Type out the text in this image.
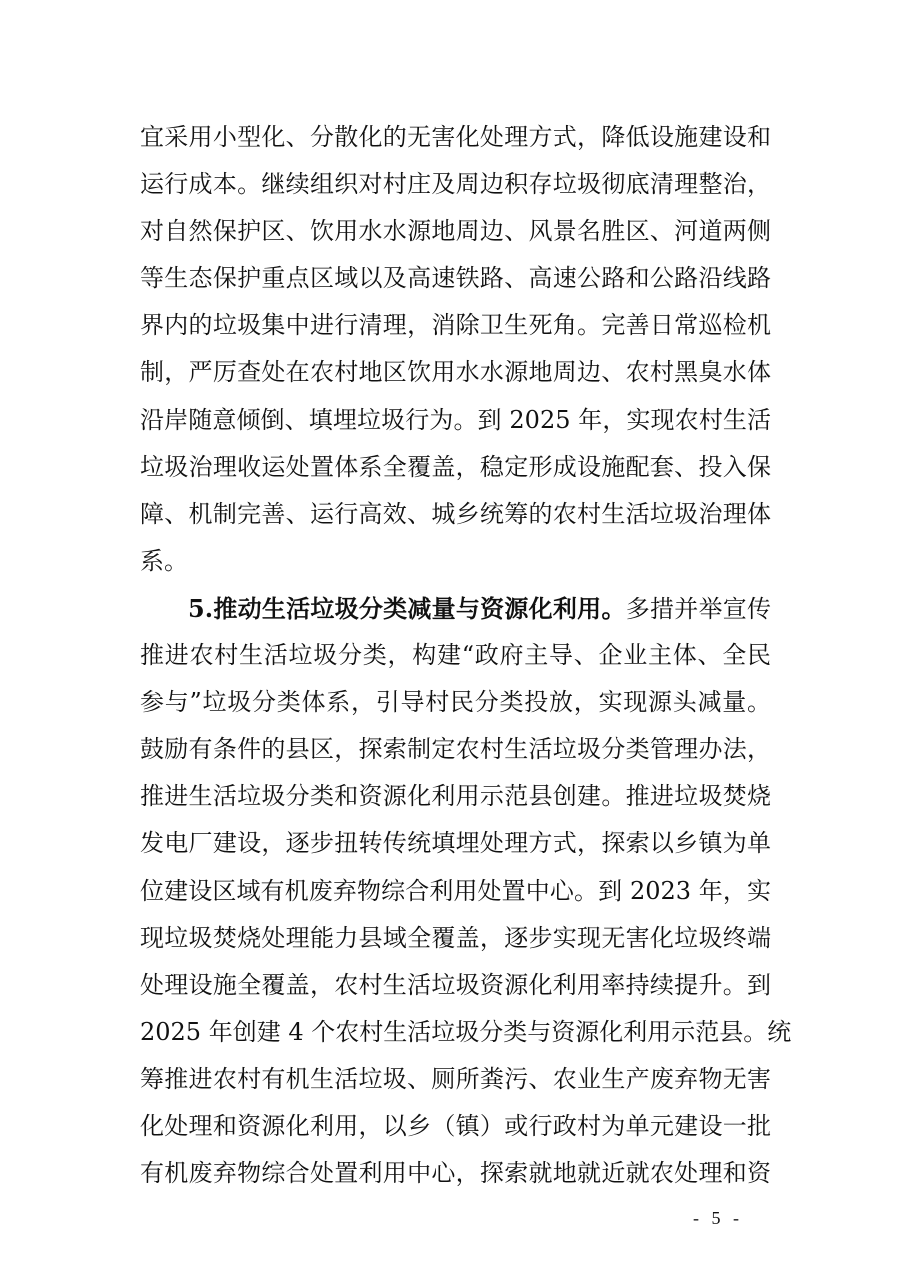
宜采用小型化、分散化的无害化处理方式，降低设施建设和
运行成本。继续组织对村庄及周边积存垃圾彻底清理整治，
对自然保护区、饮用水水源地周边、风景名胜区、河道两侧
等生态保护重点区域以及高速铁路、高速公路和公路沿线路
界内的垃圾集中进行清理，消除卫生死角。完善日常巡检机
制，严厉查处在农村地区饮用水水源地周边、农村黑臭水体
沿岸随意倾倒、填埋垃圾行为。到 2025 年，实现农村生活
垃圾治理收运处置体系全覆盖，稳定形成设施配套、投入保
障、机制完善、运行高效、城乡统筹的农村生活垃圾治理体
系。
5.推动生活垃圾分类减量与资源化利用。多措并举宣传
推进农村生活垃圾分类，构建“政府主导、企业主体、全民
参与”垃圾分类体系，引导村民分类投放，实现源头减量。
鼓励有条件的县区，探索制定农村生活垃圾分类管理办法，
推进生活垃圾分类和资源化利用示范县创建。推进垃圾焚烧
发电厂建设，逐步扭转传统填埋处理方式，探索以乡镇为单
位建设区域有机废弃物综合利用处置中心。到 2023 年，实
现垃圾焚烧处理能力县域全覆盖，逐步实现无害化垃圾终端
处理设施全覆盖，农村生活垃圾资源化利用率持续提升。到
2025 年创建 4 个农村生活垃圾分类与资源化利用示范县。统
筹推进农村有机生活垃圾、厕所粪污、农业生产废弃物无害
化处理和资源化利用，以乡（镇）或行政村为单元建设一批
有机废弃物综合处置利用中心，探索就地就近就农处理和资
- 5 -
